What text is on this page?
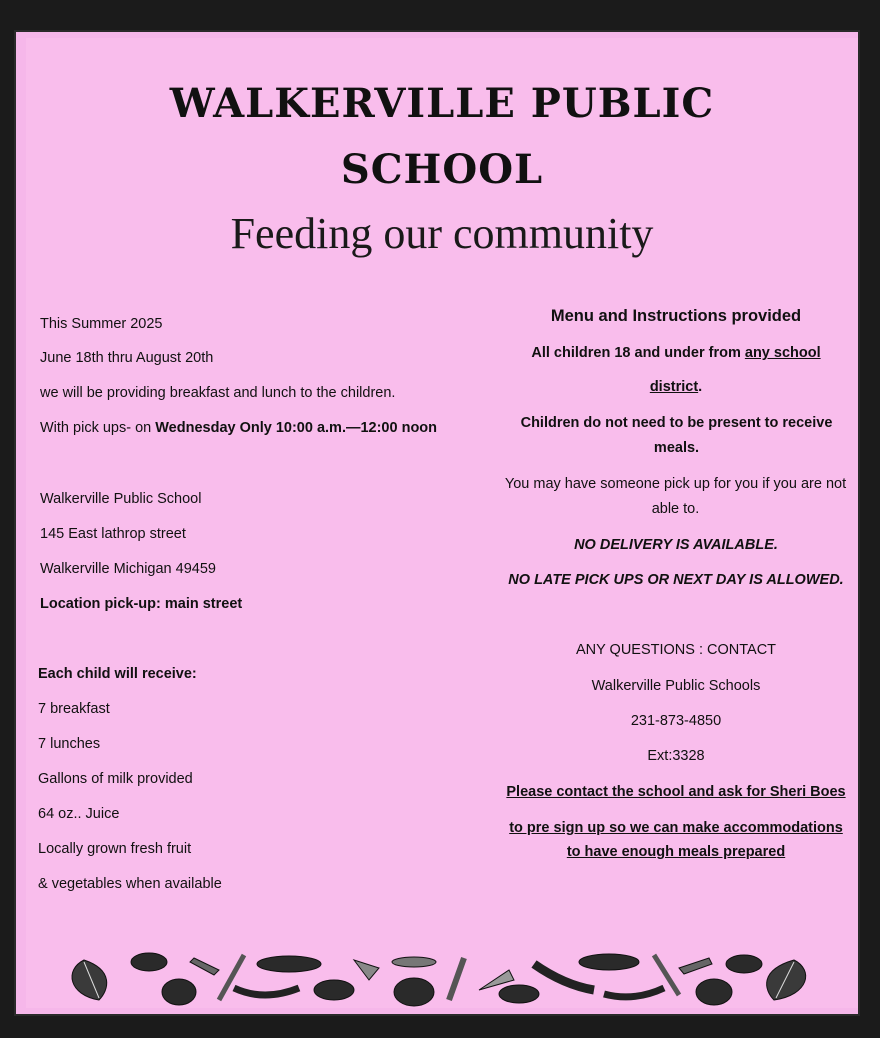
WALKERVILLE PUBLIC
SCHOOL
Feeding our community
This Summer 2025
June 18th thru August 20th
we will be providing breakfast and lunch to the children.
With pick ups- on Wednesday Only 10:00 a.m.—12:00 noon
Walkerville Public School
145 East lathrop street
Walkerville Michigan 49459
Location pick-up: main street
Each child will receive:
7 breakfast
7 lunches
Gallons of milk provided
64 oz.. Juice
Locally grown fresh fruit
& vegetables when available
Menu and Instructions provided
All children 18 and under from any school
district.
Children do not need to be present to receive meals.
You may have someone pick up for you if you are not able to.
NO DELIVERY IS AVAILABLE.
NO LATE PICK UPS OR NEXT DAY IS ALLOWED.
ANY QUESTIONS : CONTACT
Walkerville Public Schools
231-873-4850
Ext:3328
Please contact the school and ask for Sheri Boes
to pre sign up so we can make accommodations
to have enough meals prepared
